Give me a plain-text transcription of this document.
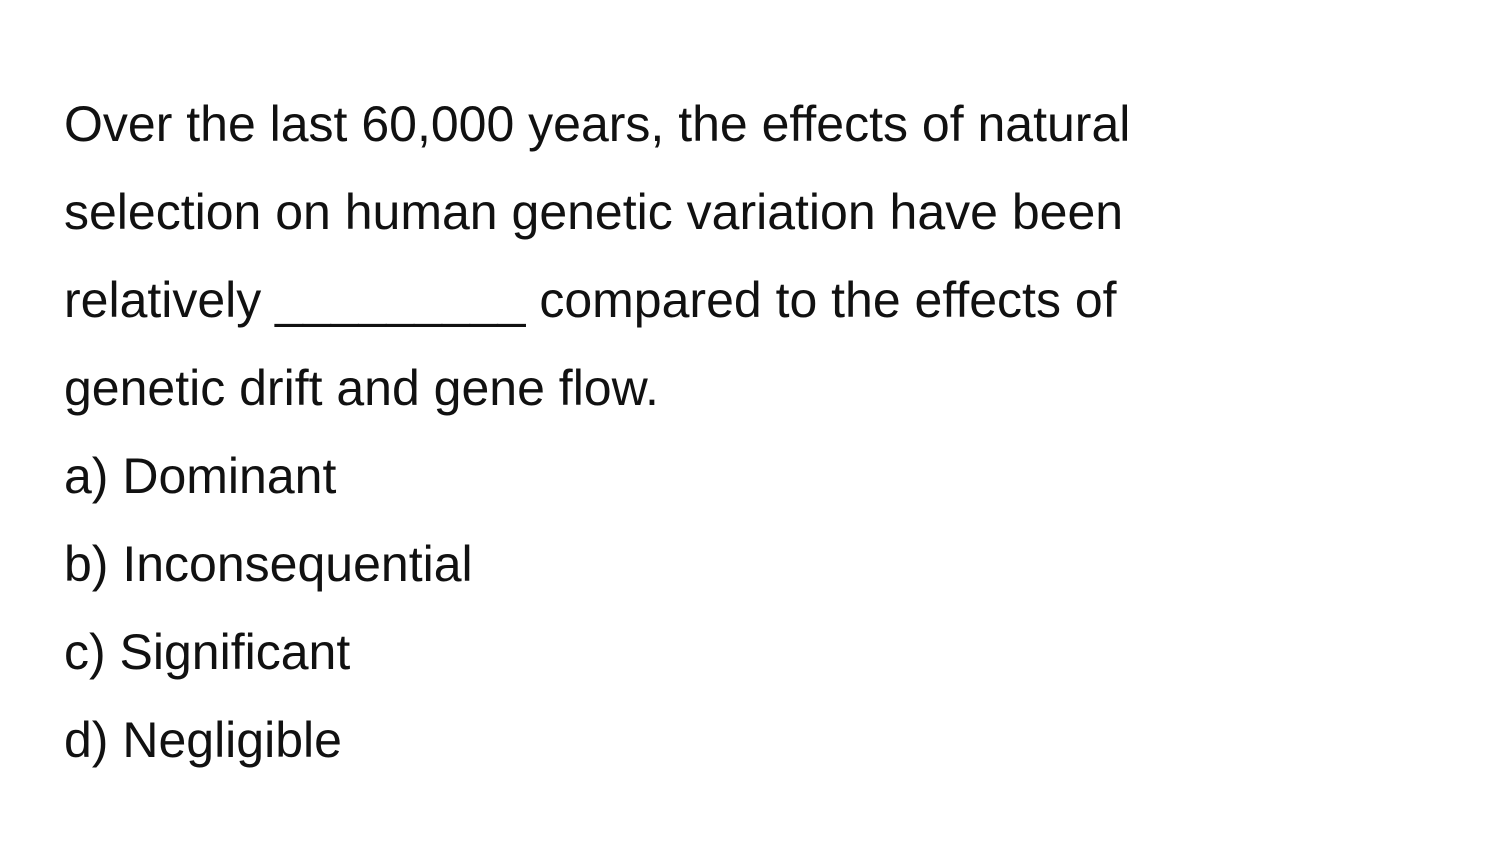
Over the last 60,000 years, the effects of natural
selection on human genetic variation have been
relatively _________ compared to the effects of
genetic drift and gene flow.
a) Dominant
b) Inconsequential
c) Significant
d) Negligible
